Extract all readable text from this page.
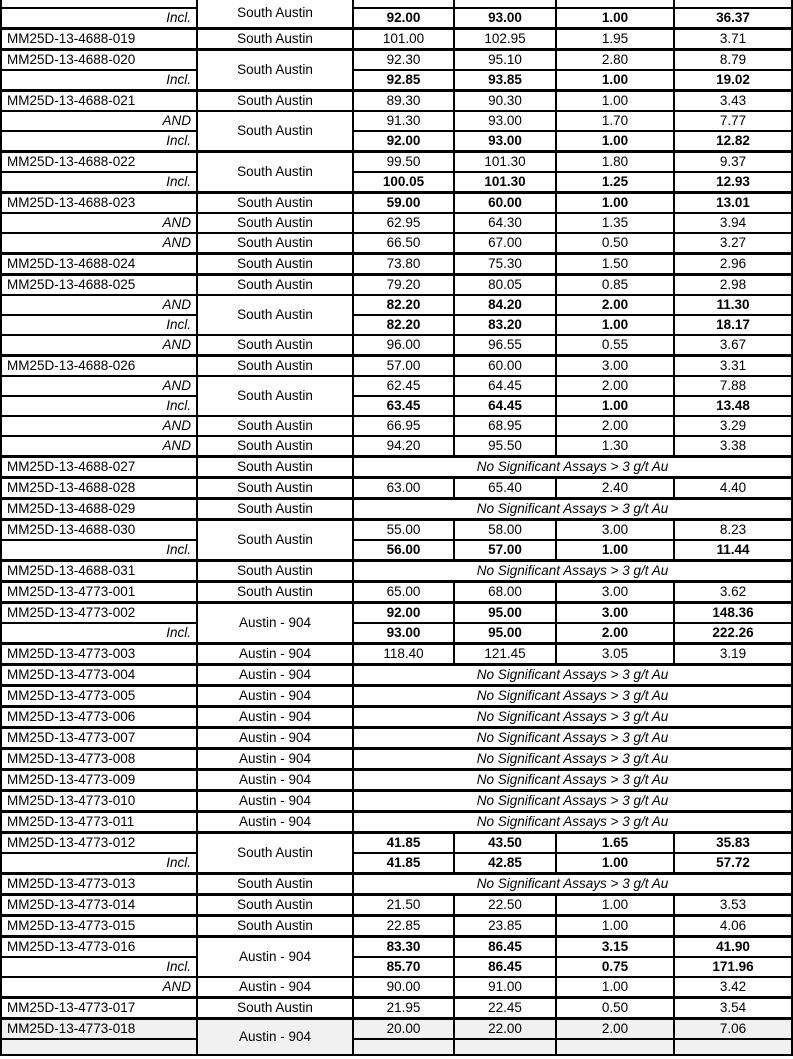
	South Austin				
Incl.		92.00	93.00	1.00	36.37
MM25D-13-4688-019	South Austin	101.00	102.95	1.95	3.71
MM25D-13-4688-020	South Austin	92.30	95.10	2.80	8.79
Incl.		92.85	93.85	1.00	19.02
MM25D-13-4688-021	South Austin	89.30	90.30	1.00	3.43
AND	South Austin	91.30	93.00	1.70	7.77
Incl.		92.00	93.00	1.00	12.82
MM25D-13-4688-022	South Austin	99.50	101.30	1.80	9.37
Incl.		100.05	101.30	1.25	12.93
MM25D-13-4688-023	South Austin	59.00	60.00	1.00	13.01
AND	South Austin	62.95	64.30	1.35	3.94
AND	South Austin	66.50	67.00	0.50	3.27
MM25D-13-4688-024	South Austin	73.80	75.30	1.50	2.96
MM25D-13-4688-025	South Austin	79.20	80.05	0.85	2.98
AND	South Austin	82.20	84.20	2.00	11.30
Incl.		82.20	83.20	1.00	18.17
AND	South Austin	96.00	96.55	0.55	3.67
MM25D-13-4688-026	South Austin	57.00	60.00	3.00	3.31
AND	South Austin	62.45	64.45	2.00	7.88
Incl.		63.45	64.45	1.00	13.48
AND	South Austin	66.95	68.95	2.00	3.29
AND	South Austin	94.20	95.50	1.30	3.38
MM25D-13-4688-027	South Austin	No Significant Assays > 3 g/t Au			
MM25D-13-4688-028	South Austin	63.00	65.40	2.40	4.40
MM25D-13-4688-029	South Austin	No Significant Assays > 3 g/t Au			
MM25D-13-4688-030	South Austin	55.00	58.00	3.00	8.23
Incl.		56.00	57.00	1.00	11.44
MM25D-13-4688-031	South Austin	No Significant Assays > 3 g/t Au			
MM25D-13-4773-001	South Austin	65.00	68.00	3.00	3.62
MM25D-13-4773-002	Austin - 904	92.00	95.00	3.00	148.36
Incl.		93.00	95.00	2.00	222.26
MM25D-13-4773-003	Austin - 904	118.40	121.45	3.05	3.19
MM25D-13-4773-004	Austin - 904	No Significant Assays > 3 g/t Au			
MM25D-13-4773-005	Austin - 904	No Significant Assays > 3 g/t Au			
MM25D-13-4773-006	Austin - 904	No Significant Assays > 3 g/t Au			
MM25D-13-4773-007	Austin - 904	No Significant Assays > 3 g/t Au			
MM25D-13-4773-008	Austin - 904	No Significant Assays > 3 g/t Au			
MM25D-13-4773-009	Austin - 904	No Significant Assays > 3 g/t Au			
MM25D-13-4773-010	Austin - 904	No Significant Assays > 3 g/t Au			
MM25D-13-4773-011	Austin - 904	No Significant Assays > 3 g/t Au			
MM25D-13-4773-012	South Austin	41.85	43.50	1.65	35.83
Incl.		41.85	42.85	1.00	57.72
MM25D-13-4773-013	South Austin	No Significant Assays > 3 g/t Au			
MM25D-13-4773-014	South Austin	21.50	22.50	1.00	3.53
MM25D-13-4773-015	South Austin	22.85	23.85	1.00	4.06
MM25D-13-4773-016	Austin - 904	83.30	86.45	3.15	41.90
Incl.		85.70	86.45	0.75	171.96
AND	Austin - 904	90.00	91.00	1.00	3.42
MM25D-13-4773-017	South Austin	21.95	22.45	0.50	3.54
MM25D-13-4773-018	Austin - 904	20.00	22.00	2.00	7.06
